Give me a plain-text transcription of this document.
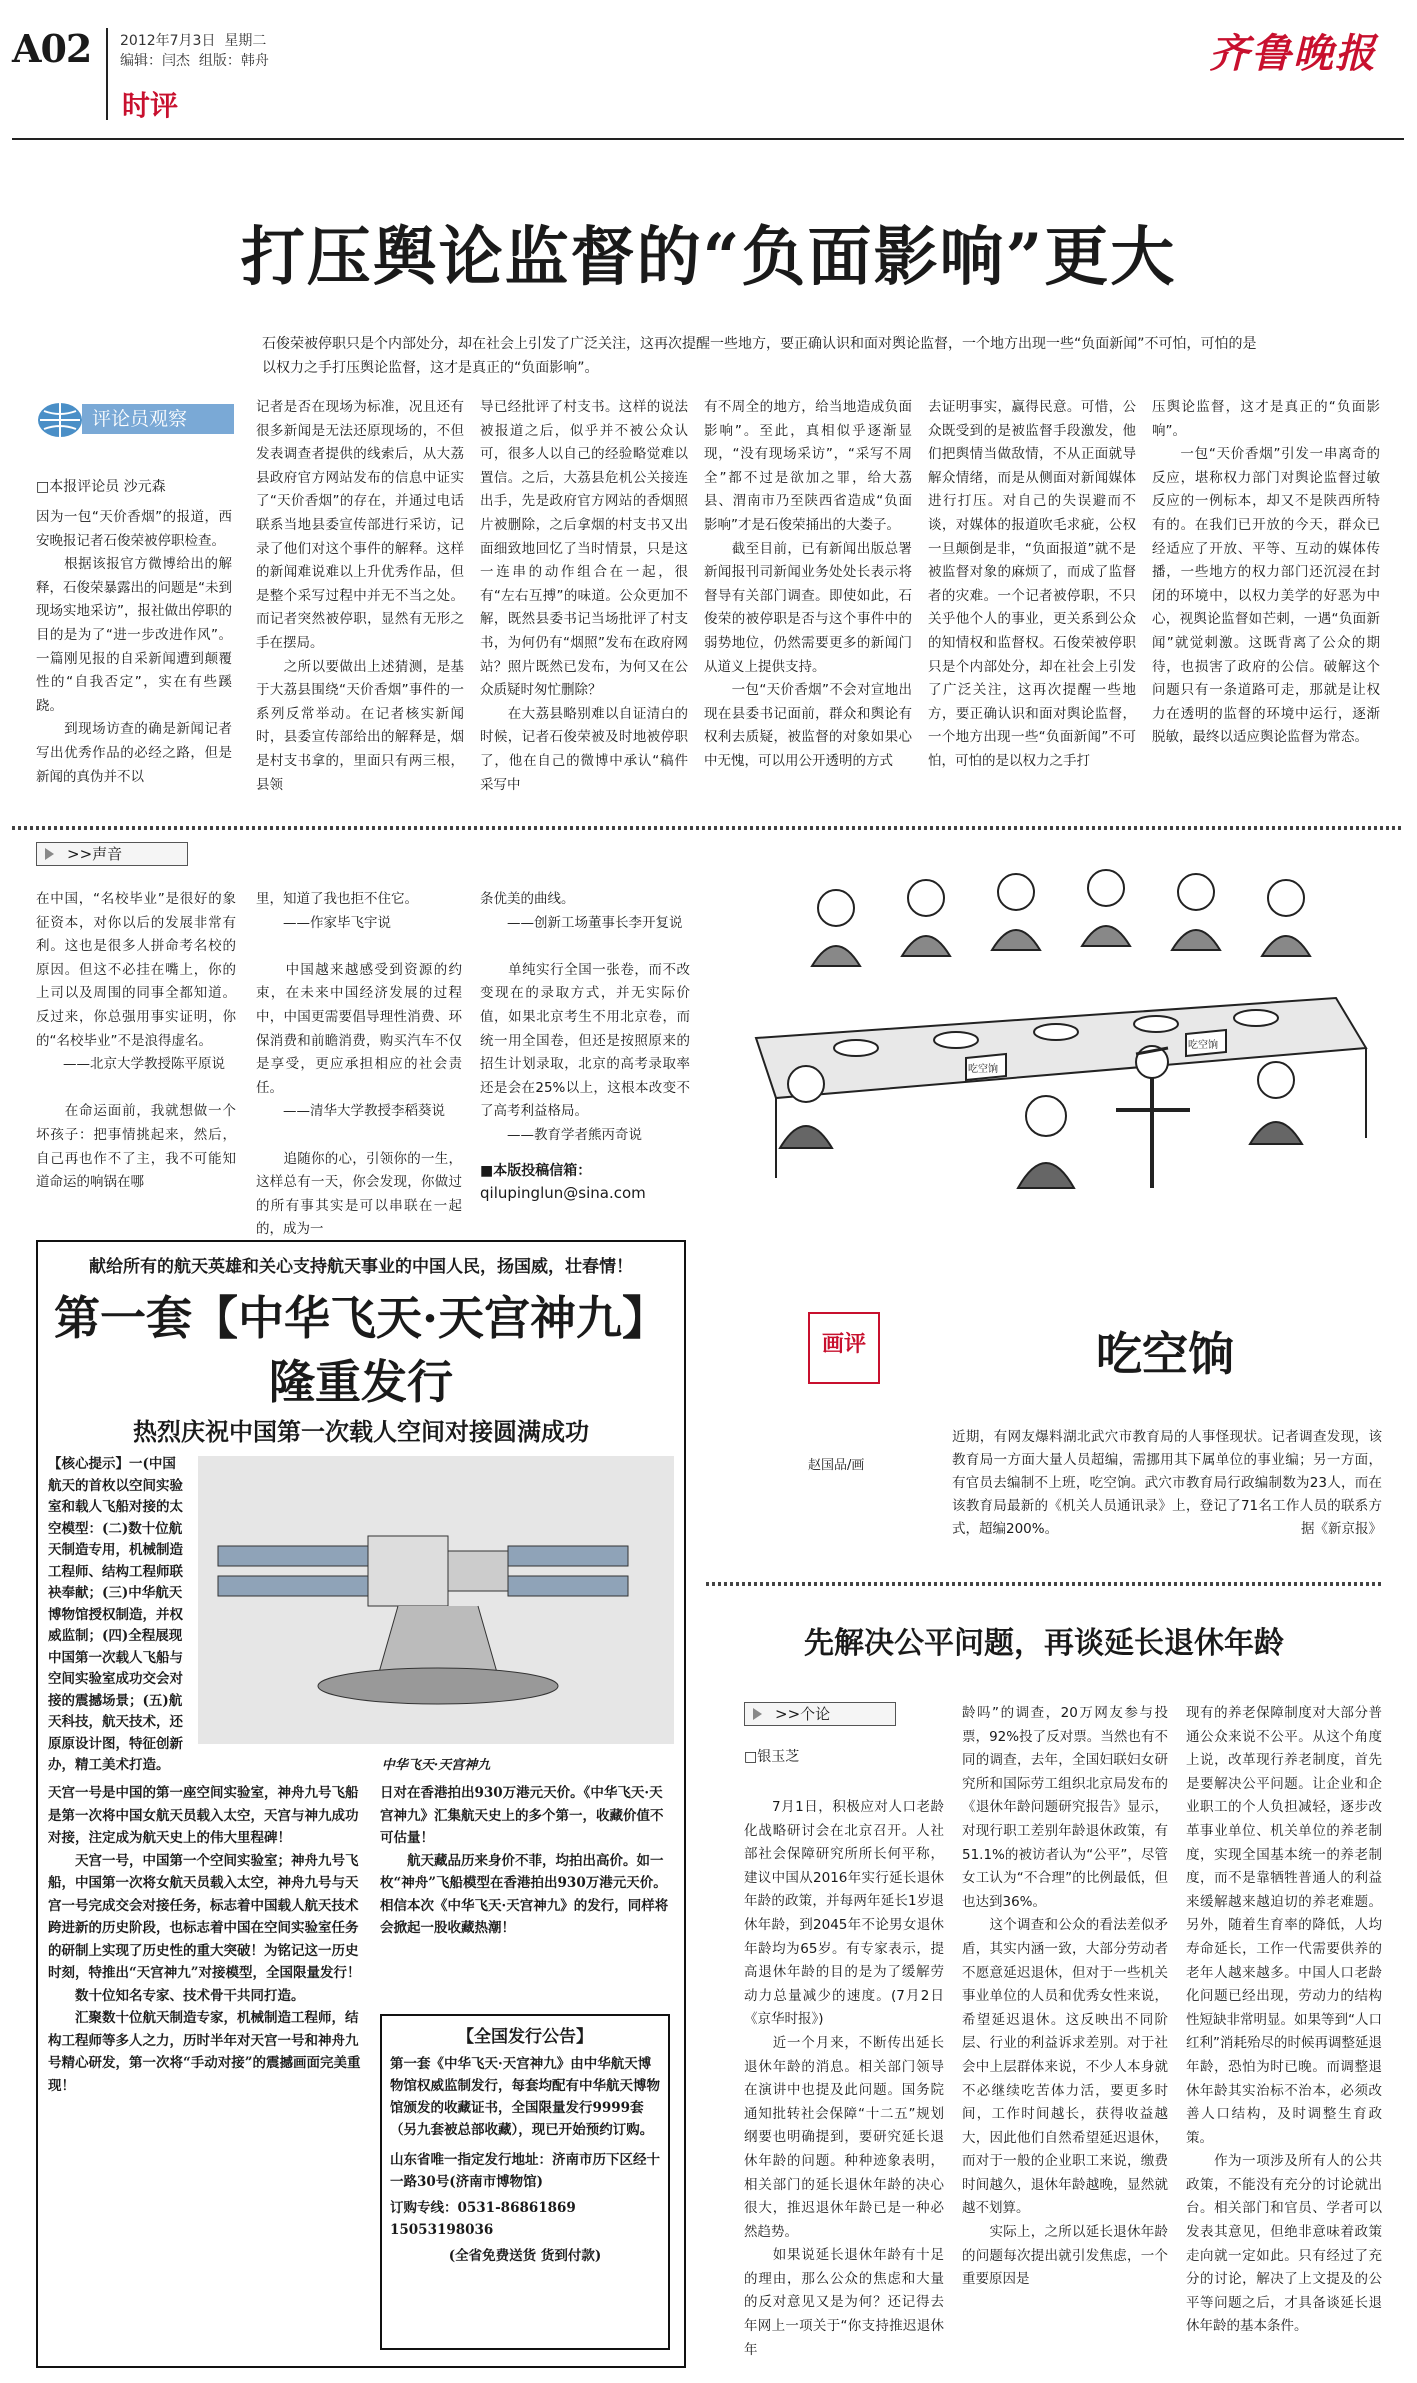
A02 2012年7月3日 星期二
编辑：闫杰 组版：韩舟
时评
齐鲁晚报
打压舆论监督的“负面影响”更大
石俊荣被停职只是个内部处分，却在社会上引发了广泛关注，这再次提醒一些地方，要正确认识和面对舆论监督，一个地方出现一些“负面新闻”不可怕，可怕的是以权力之手打压舆论监督，这才是真正的“负面影响”。
评论员观察
□本报评论员 沙元森
因为一包“天价香烟”的报道，西安晚报记者石俊荣被停职检查。
　　根据该报官方微博给出的解释，石俊荣暴露出的问题是“未到现场实地采访”，报社做出停职的目的是为了“进一步改进作风”。一篇刚见报的自采新闻遭到颠覆性的“自我否定”，实在有些蹊跷。
　　到现场访查的确是新闻记者写出优秀作品的必经之路，但是新闻的真伪并不以
记者是否在现场为标准，况且还有很多新闻是无法还原现场的，不但发表调查者提供的线索后，从大荔县政府官方网站发布的信息中证实了“天价香烟”的存在，并通过电话联系当地县委宣传部进行采访，记录了他们对这个事件的解释。这样的新闻难说难以上升优秀作品，但是整个采写过程中并无不当之处。而记者突然被停职，显然有无形之手在摆局。
　　之所以要做出上述猜测，是基于大荔县围绕“天价香烟”事件的一系列反常举动。在记者核实新闻时，县委宣传部给出的解释是，烟是村支书拿的，里面只有两三根，县领
导已经批评了村支书。这样的说法被报道之后，似乎并不被公众认可，很多人以自己的经验略觉难以置信。之后，大荔县危机公关接连出手，先是政府官方网站的香烟照片被删除，之后拿烟的村支书又出面细致地回忆了当时情景，只是这一连串的动作组合在一起，很有“左右互搏”的味道。公众更加不解，既然县委书记当场批评了村支书，为何仍有“烟照”发布在政府网站？照片既然已发布，为何又在公众质疑时匆忙删除？
　　在大荔县略别难以自证清白的时候，记者石俊荣被及时地被停职了，他在自己的微博中承认“稿件采写中
有不周全的地方，给当地造成负面影响”。至此，真相似乎逐渐显现，“没有现场采访”，“采写不周全”都不过是欲加之罪，给大荔县、渭南市乃至陕西省造成“负面影响”才是石俊荣捅出的大娄子。
　　截至目前，已有新闻出版总署新闻报刊司新闻业务处处长表示将督导有关部门调查。即使如此，石俊荣的被停职是否与这个事件中的弱势地位，仍然需要更多的新闻门从道义上提供支持。
　　一包“天价香烟”不会对宣地出现在县委书记面前，群众和舆论有权利去质疑，被监督的对象如果心中无愧，可以用公开透明的方式
去证明事实，赢得民意。可惜，公众既受到的是被监督手段激发，他们把舆情当做敌情，不从正面就导解众情绪，而是从侧面对新闻媒体进行打压。对自己的失误避而不谈，对媒体的报道吹毛求疵，公权一旦颠倒是非，“负面报道”就不是被监督对象的麻烦了，而成了监督者的灾难。一个记者被停职，不只关乎他个人的事业，更关系到公众的知情权和监督权。石俊荣被停职只是个内部处分，却在社会上引发了广泛关注，这再次提醒一些地方，要正确认识和面对舆论监督，一个地方出现一些“负面新闻”不可怕，可怕的是以权力之手打
压舆论监督，这才是真正的“负面影响”。
　　一包“天价香烟”引发一串离奇的反应，堪称权力部门对舆论监督过敏反应的一例标本，却又不是陕西所特有的。在我们已开放的今天，群众已经适应了开放、平等、互动的媒体传播，一些地方的权力部门还沉浸在封闭的环境中，以权力美学的好恶为中心，视舆论监督如芒刺，一遇“负面新闻”就觉刺激。这既背离了公众的期待，也损害了政府的公信。破解这个问题只有一条道路可走，那就是让权力在透明的监督的环境中运行，逐渐脱敏，最终以适应舆论监督为常态。
>>声音
在中国，“名校毕业”是很好的象征资本，对你以后的发展非常有利。这也是很多人拼命考名校的原因。但这不必挂在嘴上，你的上司以及周围的同事全都知道。反过来，你总强用事实证明，你的“名校毕业”不是浪得虚名。
　　——北京大学教授陈平原说

　　在命运面前，我就想做一个坏孩子：把事情挑起来，然后，自己再也作不了主，我不可能知道命运的响锅在哪
里，知道了我也拒不住它。
　　——作家毕飞宇说

　　中国越来越感受到资源的约束，在未来中国经济发展的过程中，中国更需要倡导理性消费、环保消费和前瞻消费，购买汽车不仅是享受，更应承担相应的社会责任。
　　——清华大学教授李稻葵说

　　追随你的心，引领你的一生，这样总有一天，你会发现，你做过的所有事其实是可以串联在一起的，成为一
条优美的曲线。
　　——创新工场董事长李开复说

　　单纯实行全国一张卷，而不改变现在的录取方式，并无实际价值，如果北京考生不用北京卷，而统一用全国卷，但还是按照原来的招生计划录取，北京的高考录取率还是会在25%以上，这根本改变不了高考利益格局。
　　——教育学者熊丙奇说
■本版投稿信箱：
qilupinglun@sina.com
吃空饷
吃空饷
献给所有的航天英雄和关心支持航天事业的中国人民，扬国威，壮春情！
第一套【中华飞天·天宫神九】
隆重发行
热烈庆祝中国第一次载人空间对接圆满成功
【核心提示】一(中国航天的首枚以空间实验室和载人飞船对接的太空模型：(二)数十位航天制造专用，机械制造工程师、结构工程师联袂奉献；(三)中华航天博物馆授权制造，并权威监制；(四)全程展现中国第一次载人飞船与空间实验室成功交会对接的震撼场景；(五)航天科技，航天技术，还原原设计图，特征创新办，精工美术打造。	中华飞天·天宫神九
天宫一号是中国的第一座空间实验室，神舟九号飞船是第一次将中国女航天员载入太空，天宫与神九成功对接，注定成为航天史上的伟大里程碑！
　　天宫一号，中国第一个空间实验室；神舟九号飞船，中国第一次将女航天员载入太空，神舟九号与天宫一号完成交会对接任务，标志着中国载人航天技术跨进新的历史阶段，也标志着中国在空间实验室任务的研制上实现了历史性的重大突破！为铭记这一历史时刻，特推出“天宫神九”对接模型，全国限量发行！
　　数十位知名专家、技术骨干共同打造。
　　汇聚数十位航天制造专家，机械制造工程师，结构工程师等多人之力，历时半年对天宫一号和神舟九号精心研发，第一次将“手动对接”的震撼画面完美重现！
日对在香港拍出930万港元天价。《中华飞天·天宫神九》汇集航天史上的多个第一，收藏价值不可估量！
　　航天藏品历来身价不菲，均拍出高价。如一枚“神舟”飞船模型在香港拍出930万港元天价。相信本次《中华飞天·天宫神九》的发行，同样将会掀起一股收藏热潮！
【全国发行公告】
第一套《中华飞天·天宫神九》由中华航天博物馆权威监制发行，每套均配有中华航天博物馆颁发的收藏证书，全国限量发行9999套（另九套被总部收藏），现已开始预约订购。
山东省唯一指定发行地址：济南市历下区经十一路30号(济南市博物馆)
订购专线：0531-86861869 15053198036
(全省免费送货 货到付款)
画评	吃空饷
赵国品/画
近期，有网友爆料湖北武穴市教育局的人事怪现状。记者调查发现，该教育局一方面大量人员超编，需挪用其下属单位的事业编；另一方面，有官员去编制不上班，吃空饷。武穴市教育局行政编制数为23人，而在该教育局最新的《机关人员通讯录》上，登记了71名工作人员的联系方式，超编200%。	据《新京报》
先解决公平问题，再谈延长退休年龄
>>个论
□银玉芝
　　7月1日，积极应对人口老龄化战略研讨会在北京召开。人社部社会保障研究所所长何平称，建议中国从2016年实行延长退休年龄的政策，并每两年延长1岁退休年龄，到2045年不论男女退休年龄均为65岁。有专家表示，提高退休年龄的目的是为了缓解劳动力总量减少的速度。(7月2日《京华时报》)
　　近一个月来，不断传出延长退休年龄的消息。相关部门领导在演讲中也提及此问题。国务院通知批转社会保障“十二五”规划纲要也明确提到，要研究延长退休年龄的问题。种种迹象表明，相关部门的延长退休年龄的决心很大，推迟退休年龄已是一种必然趋势。
　　如果说延长退休年龄有十足的理由，那么公众的焦虑和大量的反对意见又是为何？还记得去年网上一项关于“你支持推迟退休年
龄吗”的调查，20万网友参与投票，92%投了反对票。当然也有不同的调查，去年，全国妇联妇女研究所和国际劳工组织北京局发布的《退休年龄问题研究报告》显示，对现行职工差别年龄退休政策，有51.1%的被访者认为“公平”，尽管女工认为“不合理”的比例最低，但也达到36%。
　　这个调查和公众的看法差似矛盾，其实内涵一致，大部分劳动者不愿意延迟退休，但对于一些机关事业单位的人员和优秀女性来说，希望延迟退休。这反映出不同阶层、行业的利益诉求差别。对于社会中上层群体来说，不少人本身就不必继续吃苦体力活，要更多时间，工作时间越长，获得收益越大，因此他们自然希望延迟退休，而对于一般的企业职工来说，缴费时间越久，退休年龄越晚，显然就越不划算。
　　实际上，之所以延长退休年龄的问题每次提出就引发焦虑，一个重要原因是
现有的养老保障制度对大部分普通公众来说不公平。从这个角度上说，改革现行养老制度，首先是要解决公平问题。让企业和企业职工的个人负担减轻，逐步改革事业单位、机关单位的养老制度，实现全国基本统一的养老制度，而不是靠牺牲普通人的利益来缓解越来越迫切的养老难题。另外，随着生育率的降低，人均寿命延长，工作一代需要供养的老年人越来越多。中国人口老龄化问题已经出现，劳动力的结构性短缺非常明显。如果等到“人口红利”消耗殆尽的时候再调整延退年龄，恐怕为时已晚。而调整退休年龄其实治标不治本，必须改善人口结构，及时调整生育政策。
　　作为一项涉及所有人的公共政策，不能没有充分的讨论就出台。相关部门和官员、学者可以发表其意见，但绝非意味着政策走向就一定如此。只有经过了充分的讨论，解决了上文提及的公平等问题之后，才具备谈延长退休年龄的基本条件。
